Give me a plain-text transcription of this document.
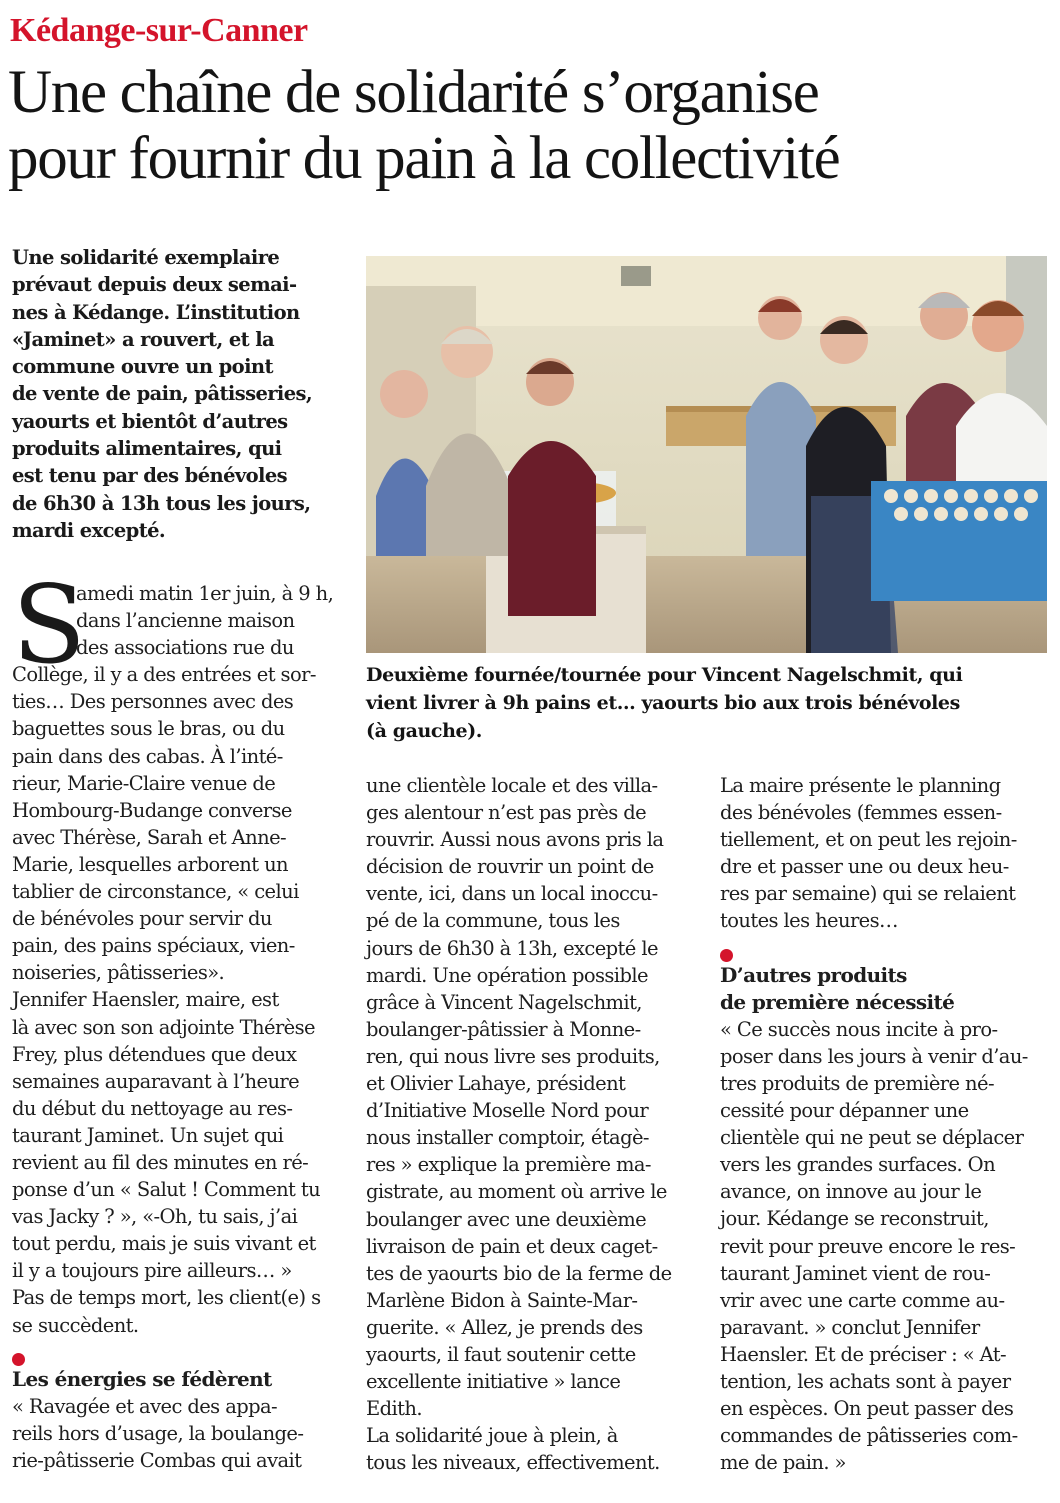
Kédange-sur-Canner
Une chaîne de solidarité s’organise
pour fournir du pain à la collectivité
Une solidarité exemplaire
prévaut depuis deux semai-
nes à Kédange. L’institution
«Jaminet» a rouvert, et la
commune ouvre un point
de vente de pain, pâtisseries,
yaourts et bientôt d’autres
produits alimentaires, qui
est tenu par des bénévoles
de 6h30 à 13h tous les jours,
mardi excepté.
Deuxième fournée/tournée pour Vincent Nagelschmit, qui
vient livrer à 9h pains et… yaourts bio aux trois bénévoles
(à gauche).
S
amedi matin 1er juin, à 9 h,
dans l’ancienne maison
des associations rue du
Collège, il y a des entrées et sor-
ties… Des personnes avec des
baguettes sous le bras, ou du
pain dans des cabas. À l’inté-
rieur, Marie-Claire venue de
Hombourg-Budange converse
avec Thérèse, Sarah et Anne-
Marie, lesquelles arborent un
tablier de circonstance, « celui
de bénévoles pour servir du
pain, des pains spéciaux, vien-
noiseries, pâtisseries».
Jennifer Haensler, maire, est
là avec son son adjointe Thérèse
Frey, plus détendues que deux
semaines auparavant à l’heure
du début du nettoyage au res-
taurant Jaminet. Un sujet qui
revient au fil des minutes en ré-
ponse d’un « Salut ! Comment tu
vas Jacky ? », «-Oh, tu sais, j’ai
tout perdu, mais je suis vivant et
il y a toujours pire ailleurs… »
Pas de temps mort, les client(e) s
se succèdent.
Les énergies se fédèrent
« Ravagée et avec des appa-
reils hors d’usage, la boulange-
rie-pâtisserie Combas qui avait
une clientèle locale et des villa-
ges alentour n’est pas près de
rouvrir. Aussi nous avons pris la
décision de rouvrir un point de
vente, ici, dans un local inoccu-
pé de la commune, tous les
jours de 6h30 à 13h, excepté le
mardi. Une opération possible
grâce à Vincent Nagelschmit,
boulanger-pâtissier à Monne-
ren, qui nous livre ses produits,
et Olivier Lahaye, président
d’Initiative Moselle Nord pour
nous installer comptoir, étagè-
res » explique la première ma-
gistrate, au moment où arrive le
boulanger avec une deuxième
livraison de pain et deux caget-
tes de yaourts bio de la ferme de
Marlène Bidon à Sainte-Mar-
guerite. « Allez, je prends des
yaourts, il faut soutenir cette
excellente initiative » lance
Edith.
La solidarité joue à plein, à
tous les niveaux, effectivement.
La maire présente le planning
des bénévoles (femmes essen-
tiellement, et on peut les rejoin-
dre et passer une ou deux heu-
res par semaine) qui se relaient
toutes les heures…
D’autres produits
de première nécessité
« Ce succès nous incite à pro-
poser dans les jours à venir d’au-
tres produits de première né-
cessité pour dépanner une
clientèle qui ne peut se déplacer
vers les grandes surfaces. On
avance, on innove au jour le
jour. Kédange se reconstruit,
revit pour preuve encore le res-
taurant Jaminet vient de rou-
vrir avec une carte comme au-
paravant. » conclut Jennifer
Haensler. Et de préciser : « At-
tention, les achats sont à payer
en espèces. On peut passer des
commandes de pâtisseries com-
me de pain. »
